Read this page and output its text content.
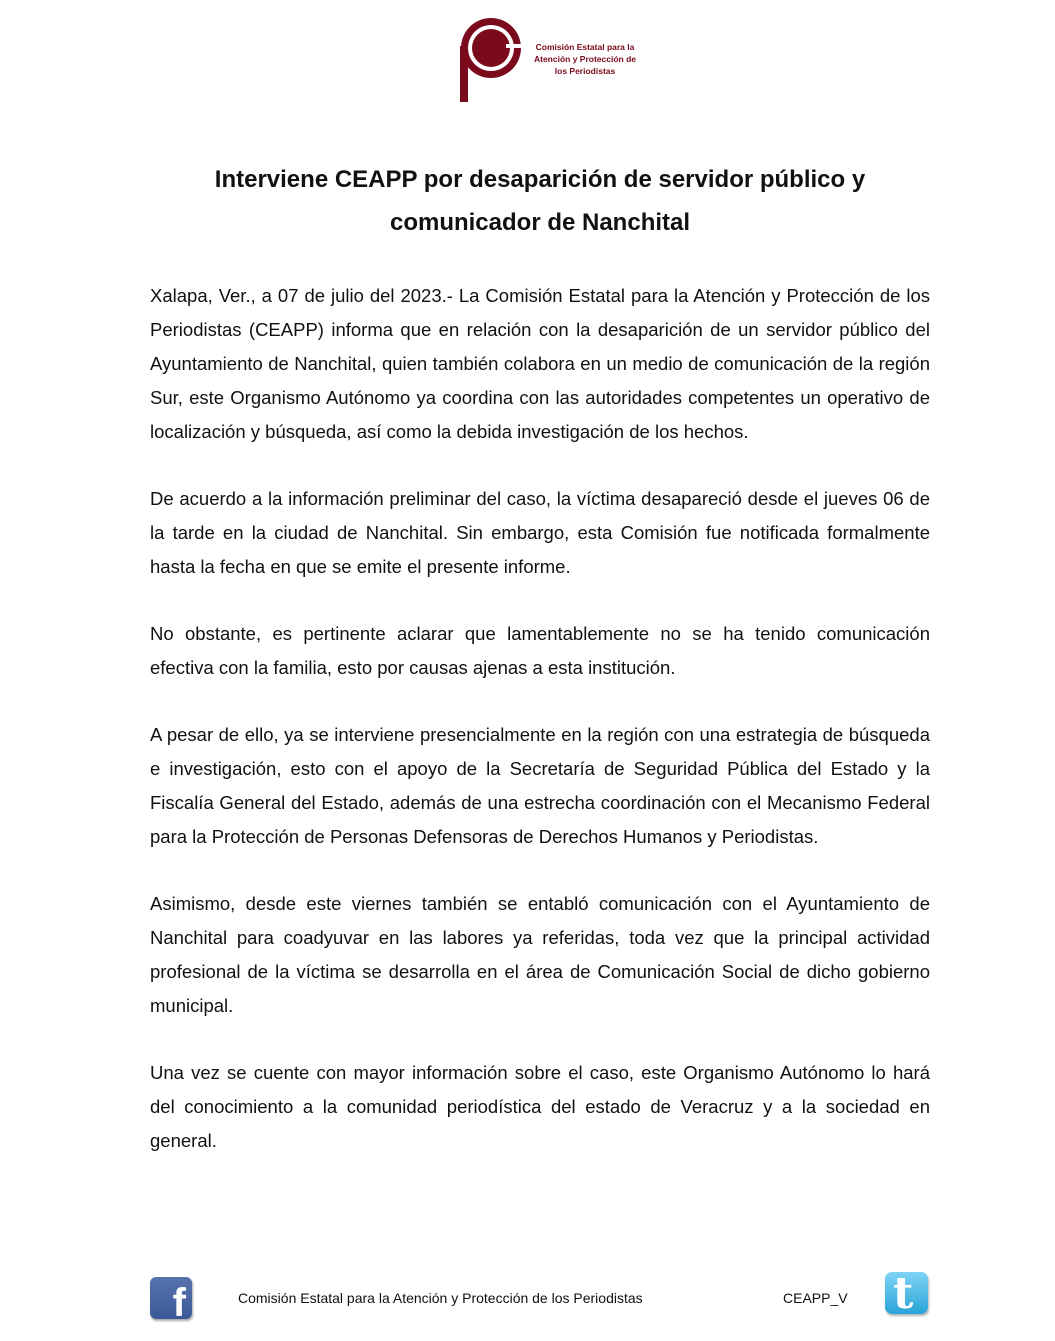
Comisión Estatal para la
Atención y Protección de
los Periodistas
Interviene CEAPP por desaparición de servidor público y
comunicador de Nanchital

Xalapa, Ver., a 07 de julio del 2023.- La Comisión Estatal para la Atención y Protección de los Periodistas (CEAPP) informa que en relación con la desaparición de un servidor público del Ayuntamiento de Nanchital, quien también colabora en un medio de comunicación de la región Sur, este Organismo Autónomo ya coordina con las autoridades competentes un operativo de localización y búsqueda, así como la debida investigación de los hechos.

De acuerdo a la información preliminar del caso, la víctima desapareció desde el jueves 06 de la tarde en la ciudad de Nanchital. Sin embargo, esta Comisión fue notificada formalmente hasta la fecha en que se emite el presente informe.

No obstante, es pertinente aclarar que lamentablemente no se ha tenido comunicación efectiva con la familia, esto por causas ajenas a esta institución.

A pesar de ello, ya se interviene presencialmente en la región con una estrategia de búsqueda e investigación, esto con el apoyo de la Secretaría de Seguridad Pública del Estado y la Fiscalía General del Estado, además de una estrecha coordinación con el Mecanismo Federal para la Protección de Personas Defensoras de Derechos Humanos y Periodistas.

Asimismo, desde este viernes también se entabló comunicación con el Ayuntamiento de Nanchital para coadyuvar en las labores ya referidas, toda vez que la principal actividad profesional de la víctima se desarrolla en el área de Comunicación Social de dicho gobierno municipal.

Una vez se cuente con mayor información sobre el caso, este Organismo Autónomo lo hará del conocimiento a la comunidad periodística del estado de Veracruz y a la sociedad en general.

f	Comisión Estatal para la Atención y Protección de los Periodistas	CEAPP_V t
